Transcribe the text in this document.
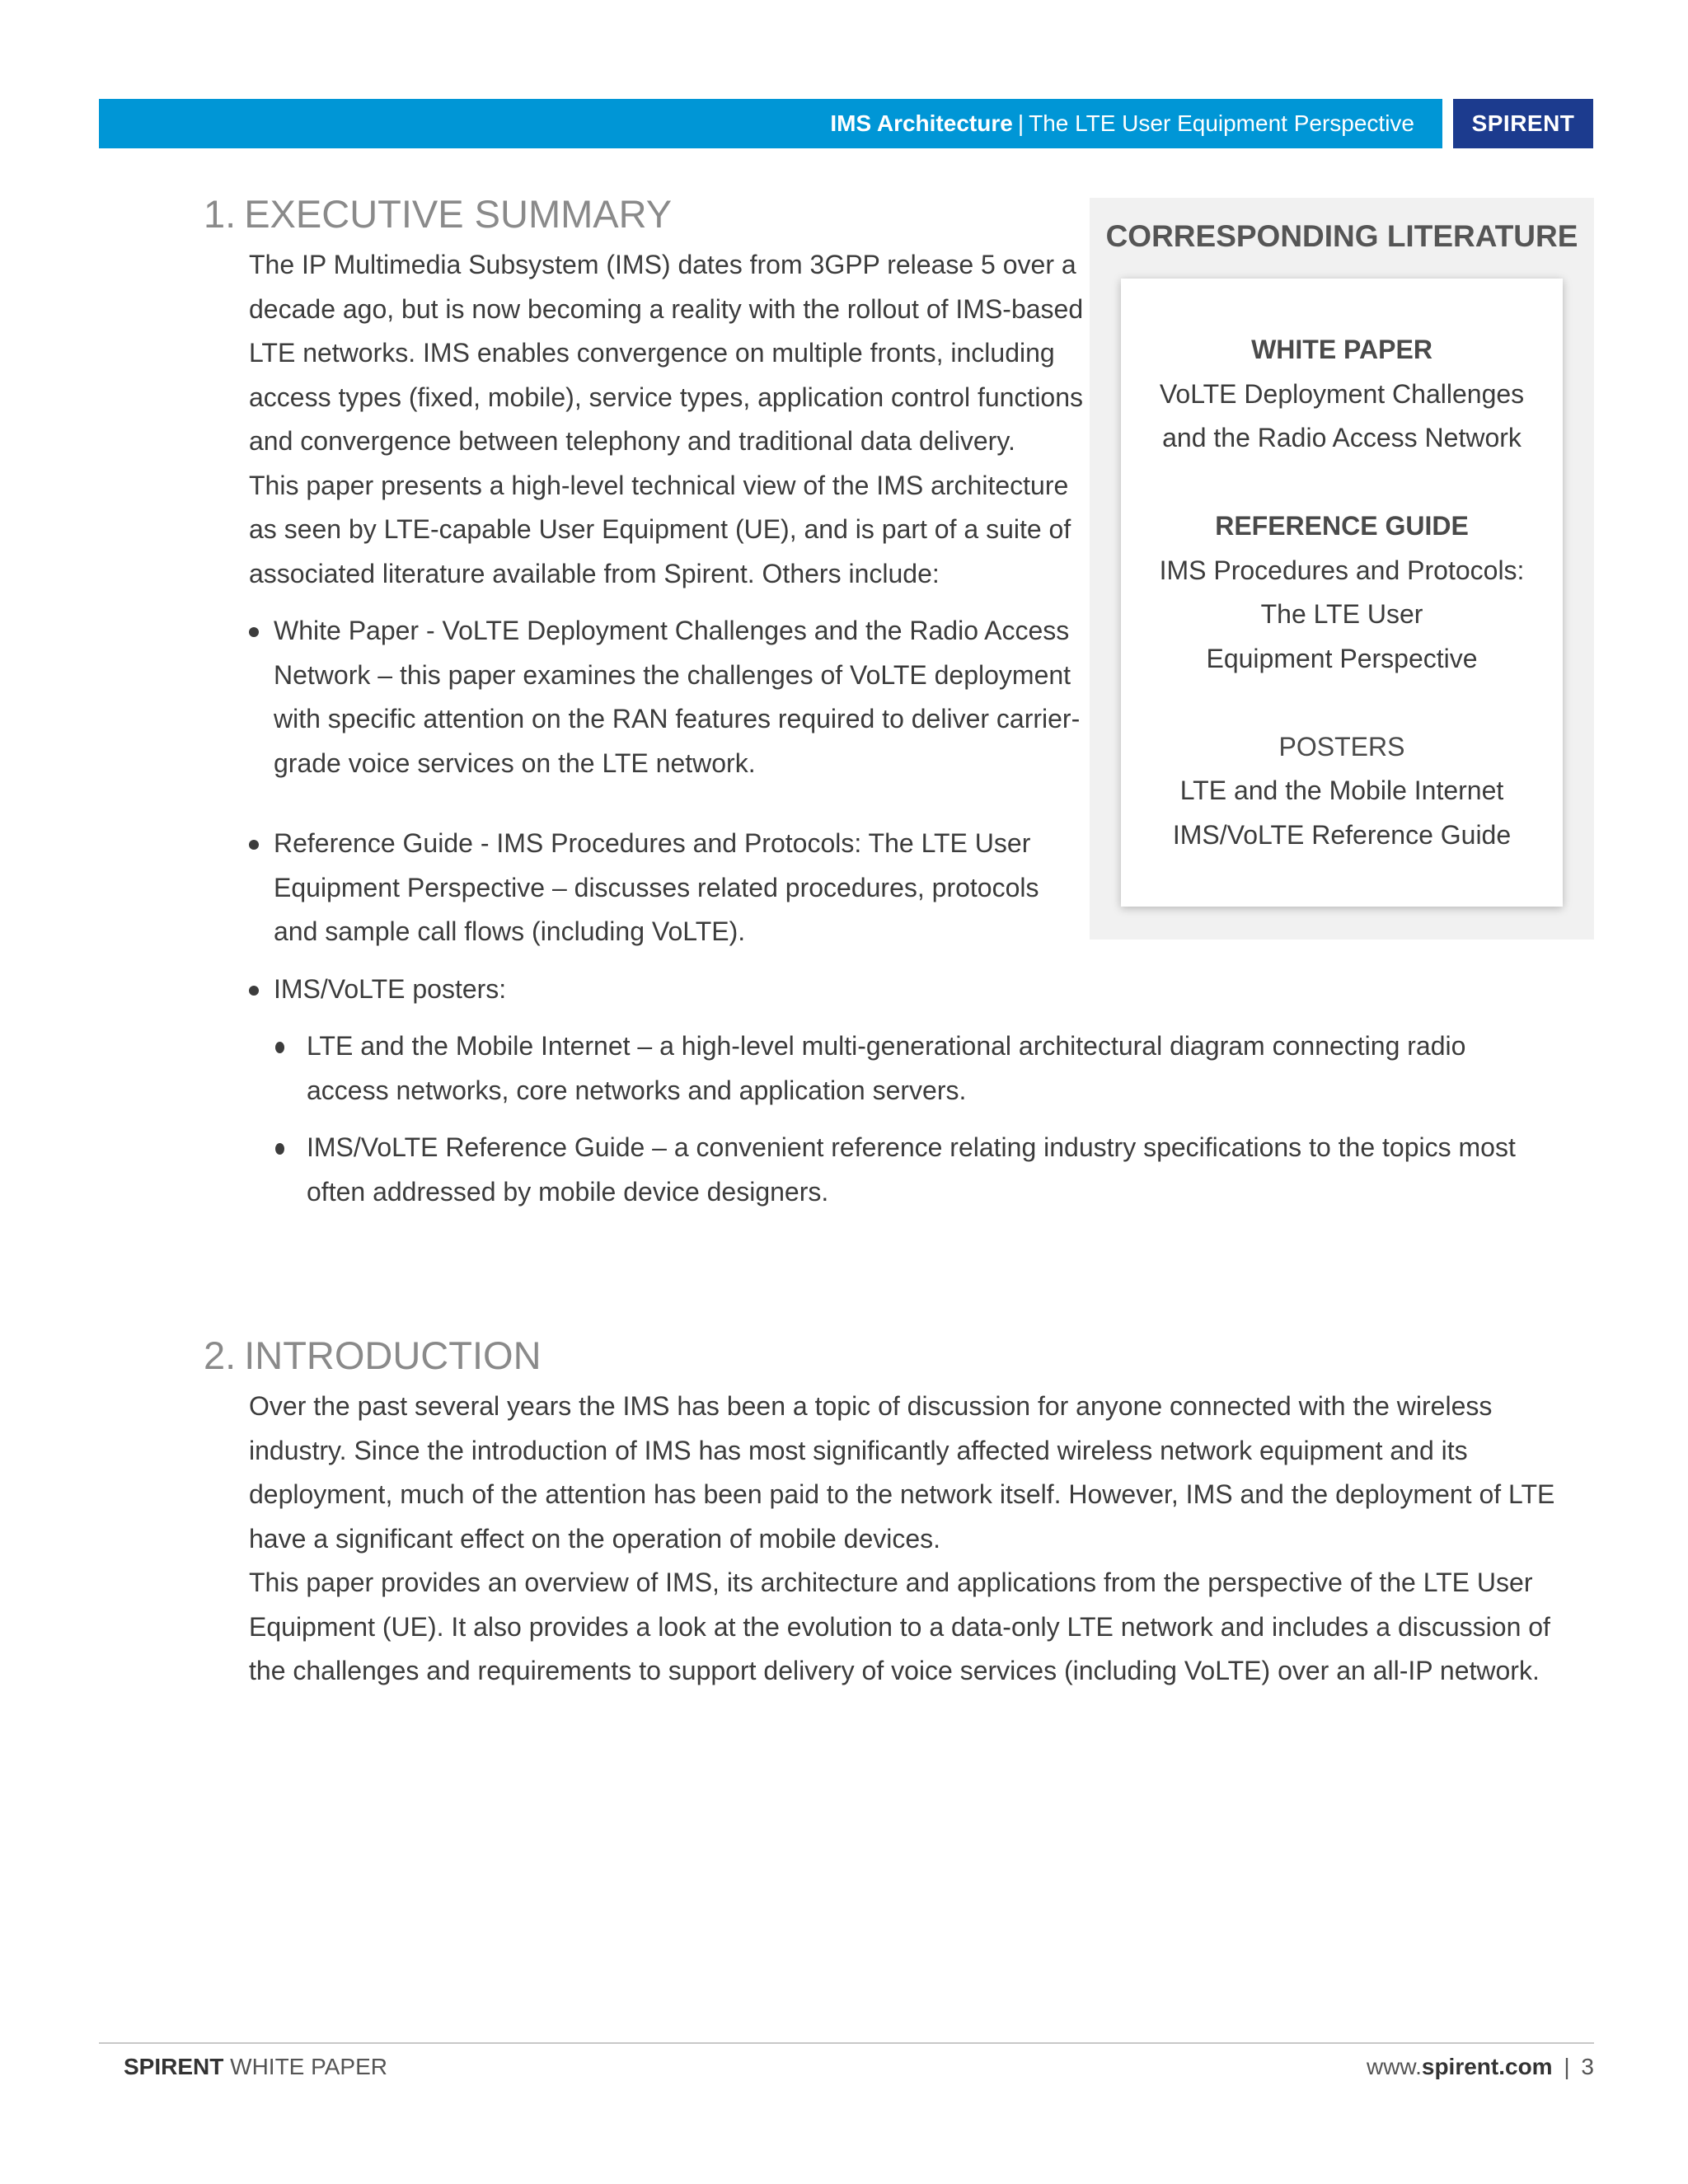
IMS Architecture | The LTE User Equipment Perspective	SPIRENT
1. EXECUTIVE SUMMARY

The IP Multimedia Subsystem (IMS) dates from 3GPP release 5 over a decade ago, but is now becoming a reality with the rollout of IMS-based LTE networks. IMS enables convergence on multiple fronts, including access types (fixed, mobile), service types, application control functions and convergence between telephony and traditional data delivery.

This paper presents a high-level technical view of the IMS architecture as seen by LTE-capable User Equipment (UE), and is part of a suite of associated literature available from Spirent. Others include:

White Paper - VoLTE Deployment Challenges and the Radio Access Network – this paper examines the challenges of VoLTE deployment with specific attention on the RAN features required to deliver carrier-grade voice services on the LTE network.
Reference Guide - IMS Procedures and Protocols: The LTE User Equipment Perspective – discusses related procedures, protocols and sample call flows (including VoLTE).
IMS/VoLTE posters:
LTE and the Mobile Internet – a high-level multi-generational architectural diagram connecting radio access networks, core networks and application servers.
IMS/VoLTE Reference Guide – a convenient reference relating industry specifications to the topics most often addressed by mobile device designers.
CORRESPONDING LITERATURE
WHITE PAPER
VoLTE Deployment Challenges
and the Radio Access Network
REFERENCE GUIDE
IMS Procedures and Protocols:
The LTE User
Equipment Perspective
POSTERS
LTE and the Mobile Internet
IMS/VoLTE Reference Guide
2. INTRODUCTION

Over the past several years the IMS has been a topic of discussion for anyone connected with the wireless industry. Since the introduction of IMS has most significantly affected wireless network equipment and its deployment, much of the attention has been paid to the network itself. However, IMS and the deployment of LTE have a significant effect on the operation of mobile devices.

This paper provides an overview of IMS, its architecture and applications from the perspective of the LTE User Equipment (UE). It also provides a look at the evolution to a data-only LTE network and includes a discussion of the challenges and requirements to support delivery of voice services (including VoLTE) over an all-IP network.

SPIRENT WHITE PAPER	www.spirent.com | 3
